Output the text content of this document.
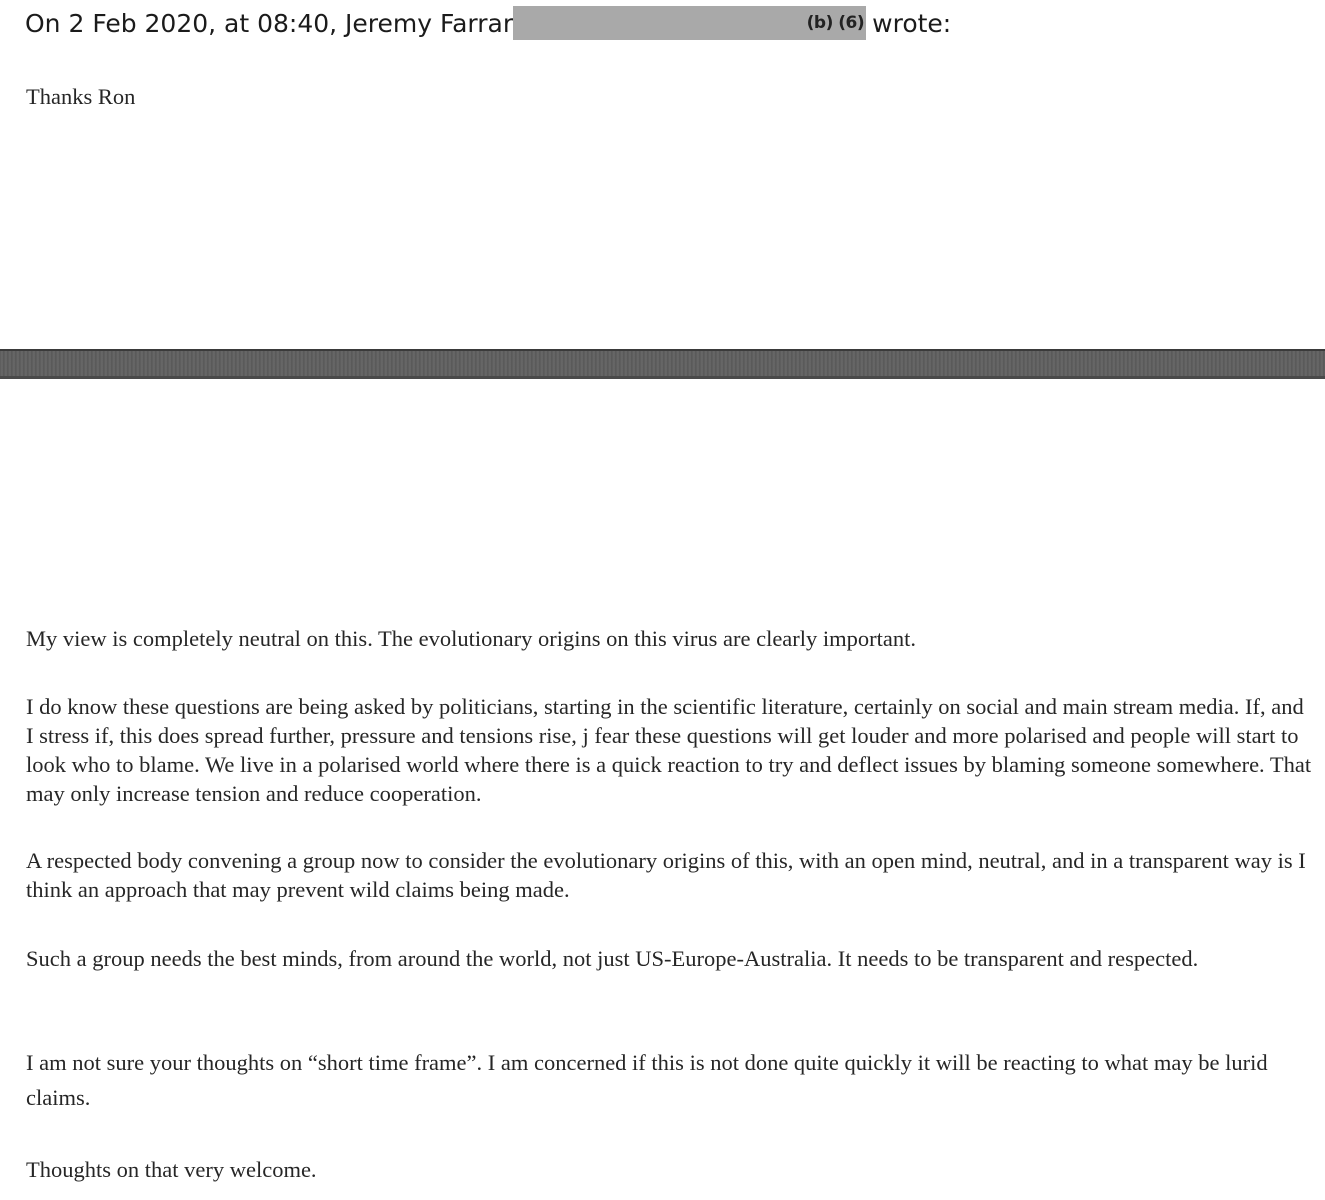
On 2 Feb 2020, at 08:40, Jeremy Farrar	(b) (6) wrote:
Thanks Ron

My view is completely neutral on this. The evolutionary origins on this virus are clearly important.

I do know these questions are being asked by politicians, starting in the scientific literature, certainly on social and main stream media. If, and I stress if, this does spread further, pressure and tensions rise, j fear these questions will get louder and more polarised and people will start to look who to blame. We live in a polarised world where there is a quick reaction to try and deflect issues by blaming someone somewhere. That may only increase tension and reduce cooperation.

A respected body convening a group now to consider the evolutionary origins of this, with an open mind, neutral, and in a transparent way is I think an approach that may prevent wild claims being made.

Such a group needs the best minds, from around the world, not just US-Europe-Australia. It needs to be transparent and respected.

I am not sure your thoughts on “short time frame”. I am concerned if this is not done quite quickly it will be reacting to what may be lurid claims.

Thoughts on that very welcome.
